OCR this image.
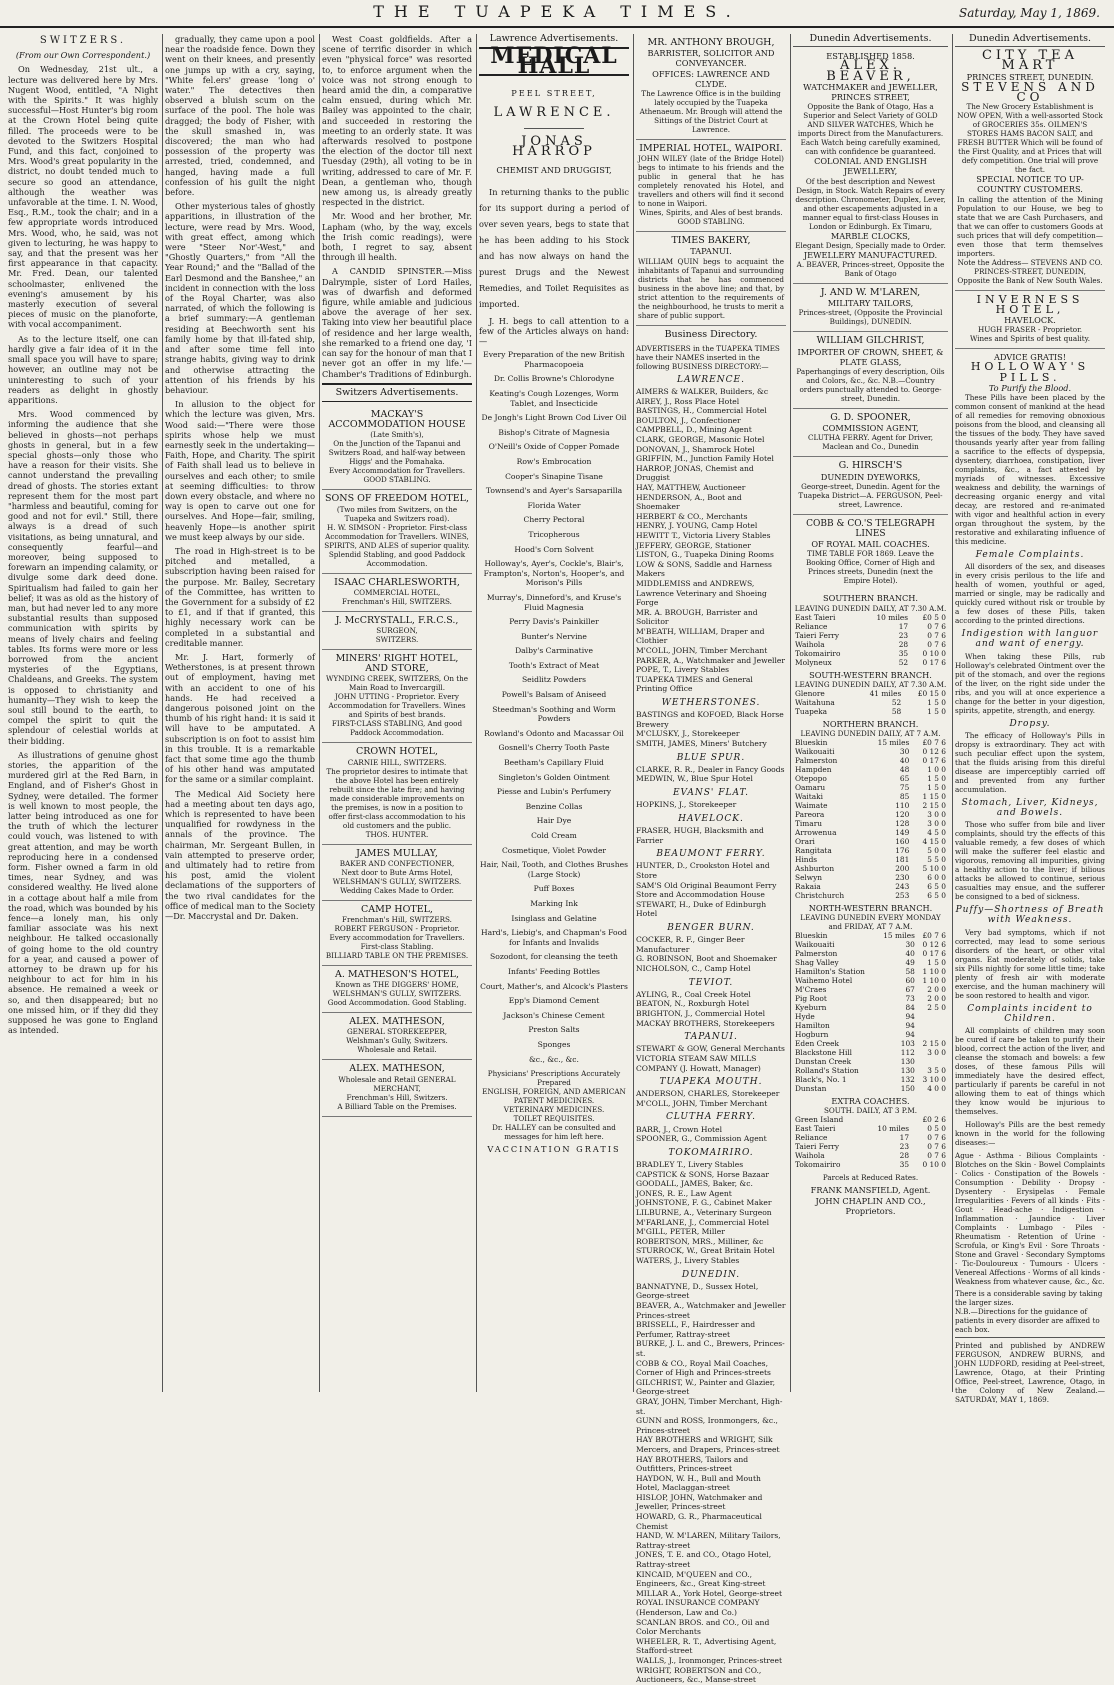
THE TUAPEKA TIMES.	Saturday, May 1, 1869.
SWITZERS.
(From our Own Correspondent.)

On Wednesday, 21st ult., a lecture was delivered here by Mrs. Nugent Wood, entitled, "A Night with the Spirits." It was highly successful—Host Hunter's big room at the Crown Hotel being quite filled. The proceeds were to be devoted to the Switzers Hospital Fund, and this fact, conjoined to Mrs. Wood's great popularity in the district, no doubt tended much to secure so good an attendance, although the weather was unfavorable at the time. I. N. Wood, Esq., R.M., took the chair; and in a few appropriate words introduced Mrs. Wood, who, he said, was not given to lecturing, he was happy to say, and that the present was her first appearance in that capacity. Mr. Fred. Dean, our talented schoolmaster, enlivened the evening's amusement by his masterly execution of several pieces of music on the pianoforte, with vocal accompaniment.

As to the lecture itself, one can hardly give a fair idea of it in the small space you will have to spare; however, an outline may not be uninteresting to such of your readers as delight in ghostly apparitions.

Mrs. Wood commenced by informing the audience that she believed in ghosts—not perhaps ghosts in general, but in a few special ghosts—only those who have a reason for their visits. She cannot understand the prevailing dread of ghosts. The stories extant represent them for the most part "harmless and beautiful, coming for good and not for evil." Still, there always is a dread of such visitations, as being unnatural, and consequently fearful—and moreover, being supposed to forewarn an impending calamity, or divulge some dark deed done. Spiritualism had failed to gain her belief; it was as old as the history of man, but had never led to any more substantial results than supposed communication with spirits by means of lively chairs and feeling tables. Its forms were more or less borrowed from the ancient mysteries of the Egyptians, Chaldeans, and Greeks. The system is opposed to christianity and humanity—They wish to keep the soul still bound to the earth, to compel the spirit to quit the splendour of celestial worlds at their bidding.

As illustrations of genuine ghost stories, the apparition of the murdered girl at the Red Barn, in England, and of Fisher's Ghost in Sydney, were detailed. The former is well known to most people, the latter being introduced as one for the truth of which the lecturer could vouch, was listened to with great attention, and may be worth reproducing here in a condensed form. Fisher owned a farm in old times, near Sydney, and was considered wealthy. He lived alone in a cottage about half a mile from the road, which was bounded by his fence—a lonely man, his only familiar associate was his next neighbour. He talked occasionally of going home to the old country for a year, and caused a power of attorney to be drawn up for his neighbour to act for him in his absence. He remained a week or so, and then disappeared; but no one missed him, or if they did they supposed he was gone to England as intended.

gradually, they came upon a pool near the roadside fence. Down they went on their knees, and presently one jumps up with a cry, saying, "White fel.ers' grease 'long o' water." The detectives then observed a bluish scum on the surface of the pool. The hole was dragged; the body of Fisher, with the skull smashed in, was discovered; the man who had possession of the property was arrested, tried, condemned, and hanged, having made a full confession of his guilt the night before.

Other mysterious tales of ghostly apparitions, in illustration of the lecture, were read by Mrs. Wood, with great effect, among which were "Steer Nor'-West," and "Ghostly Quarters," from "All the Year Round;" and the "Ballad of the Earl Desmond and the Banshee," an incident in connection with the loss of the Royal Charter, was also narrated, of which the following is a brief summary:—A gentleman residing at Beechworth sent his family home by that ill-fated ship, and after some time fell into strange habits, giving way to drink and otherwise attracting the attention of his friends by his behaviour.

In allusion to the object for which the lecture was given, Mrs. Wood said:—"There were those spirits whose help we must earnestly seek in the undertaking—Faith, Hope, and Charity. The spirit of Faith shall lead us to believe in ourselves and each other; to smile at seeming difficulties: to throw down every obstacle, and where no way is open to carve out one for ourselves. And Hope—fair, smiling, heavenly Hope—is another spirit we must keep always by our side.

The road in High-street is to be pitched and metalled, a subscription having been raised for the purpose. Mr. Bailey, Secretary of the Committee, has written to the Government for a subsidy of £2 to £1, and if that if granted, this highly necessary work can be completed in a substantial and creditable manner.

Mr. J. Hart, formerly of Wetherstones, is at present thrown out of employment, having met with an accident to one of his hands. He had received a dangerous poisoned joint on the thumb of his right hand: it is said it will have to be amputated. A subscription is on foot to assist him in this trouble. It is a remarkable fact that some time ago the thumb of his other hand was amputated for the same or a similar complaint.

The Medical Aid Society here had a meeting about ten days ago, which is represented to have been unqualified for rowdyness in the annals of the province. The chairman, Mr. Sergeant Bullen, in vain attempted to preserve order, and ultimately had to retire from his post, amid the violent declamations of the supporters of the two rival candidates for the office of medical man to the Society—Dr. Maccrystal and Dr. Daken.

West Coast goldfields. After a scene of terrific disorder in which even "physical force" was resorted to, to enforce argument when the voice was not strong enough to heard amid the din, a comparative calm ensued, during which Mr. Bailey was appointed to the chair, and succeeded in restoring the meeting to an orderly state. It was afterwards resolved to postpone the election of the doctor till next Tuesday (29th), all voting to be in writing, addressed to care of Mr. F. Dean, a gentleman who, though new among us, is already greatly respected in the district.

Mr. Wood and her brother, Mr. Lapham (who, by the way, excels the Irish comic readings), were both, I regret to say, absent through ill health.

A CANDID SPINSTER.—Miss Dalrymple, sister of Lord Hailes, was of dwarfish and deformed figure, while amiable and judicious above the average of her sex. Taking into view her beautiful place of residence and her large wealth, she remarked to a friend one day, 'I can say for the honour of man that I never got an offer in my life.'—Chamber's Traditions of Edinburgh.

Switzers Advertisements.
MACKAY'S ACCOMMODATION HOUSE
(Late Smith's),
On the Junction of the Tapanui and Switzers Road, and half-way between Higgs' and the Pomahaka.
Every Accommodation for Travellers. GOOD STABLING.
SONS OF FREEDOM HOTEL,
(Two miles from Switzers, on the Tuapeka and Switzers road).
H. W. SIMSON - Proprietor. First-class Accommodation for Travellers. WINES, SPIRITS, AND ALES of superior quality.
Splendid Stabling, and good Paddock Accommodation.
ISAAC CHARLESWORTH,
COMMERCIAL HOTEL,
Frenchman's Hill, SWITZERS.
J. McCRYSTALL, F.R.C.S.,
SURGEON,
SWITZERS.
MINERS' RIGHT HOTEL, AND STORE,
WYNDING CREEK, SWITZERS, On the Main Road to Invercargill.
JOHN UTTING - Proprietor. Every Accommodation for Travellers. Wines and Spirits of best brands.
FIRST-CLASS STABLING, And good Paddock Accommodation.
CROWN HOTEL,
CARNIE HILL, SWITZERS.
The proprietor desires to intimate that the above Hotel has been entirely rebuilt since the late fire; and having made considerable improvements on the premises, is now in a position to offer first-class accommodation to his old customers and the public.
THOS. HUNTER.
JAMES MULLAY,
BAKER AND CONFECTIONER,
Next door to Bute Arms Hotel, WELSHMAN'S GULLY, SWITZERS.
Wedding Cakes Made to Order.
CAMP HOTEL,
Frenchman's Hill, SWITZERS.
ROBERT FERGUSON - Proprietor. Every accommodation for Travellers. First-class Stabling.
BILLIARD TABLE ON THE PREMISES.
A. MATHESON'S HOTEL,
Known as THE DIGGERS' HOME,
WELSHMAN'S GULLY, SWITZERS.
Good Accommodation. Good Stabling.
ALEX. MATHESON,
GENERAL STOREKEEPER,
Welshman's Gully, Switzers.
Wholesale and Retail.
ALEX. MATHESON,
Wholesale and Retail GENERAL MERCHANT,
Frenchman's Hill, Switzers.
A Billiard Table on the Premises.
Lawrence Advertisements.
MEDICAL HALL
PEEL STREET,
LAWRENCE.
JONAS HARROP
CHEMIST AND DRUGGIST,

In returning thanks to the public for its support during a period of over seven years, begs to state that he has been adding to his Stock and has now always on hand the purest Drugs and the Newest Remedies, and Toilet Requisites as imported.

J. H. begs to call attention to a few of the Articles always on hand:—

Every Preparation of the new British Pharmacopoeia
Dr. Collis Browne's Chlorodyne
Keating's Cough Lozenges, Worm Tablet, and Insecticide
De Jongh's Light Brown Cod Liver Oil
Bishop's Citrate of Magnesia
O'Neill's Oxide of Copper Pomade
Row's Embrocation
Cooper's Sinapine Tisane
Townsend's and Ayer's Sarsaparilla
Florida Water
Cherry Pectoral
Tricopherous
Hood's Corn Solvent
Holloway's, Ayer's, Cockle's, Blair's, Frampton's, Norton's, Hooper's, and Morison's Pills
Murray's, Dinneford's, and Kruse's Fluid Magnesia
Perry Davis's Painkiller
Bunter's Nervine
Dalby's Carminative
Tooth's Extract of Meat
Seidlitz Powders
Powell's Balsam of Aniseed
Steedman's Soothing and Worm Powders
Rowland's Odonto and Macassar Oil
Gosnell's Cherry Tooth Paste
Beetham's Capillary Fluid
Singleton's Golden Ointment
Piesse and Lubin's Perfumery
Benzine Collas
Hair Dye
Cold Cream
Cosmetique, Violet Powder
Hair, Nail, Tooth, and Clothes Brushes (Large Stock)
Puff Boxes
Marking Ink
Isinglass and Gelatine
Hard's, Liebig's, and Chapman's Food for Infants and Invalids
Sozodont, for cleansing the teeth
Infants' Feeding Bottles
Court, Mather's, and Alcock's Plasters
Epp's Diamond Cement
Jackson's Chinese Cement
Preston Salts
Sponges
&c., &c., &c.
Physicians' Prescriptions Accurately Prepared
ENGLISH, FOREIGN, AND AMERICAN PATENT MEDICINES.
VETERINARY MEDICINES.
TOILET REQUISITES.
Dr. HALLEY can be consulted and messages for him left here.
VACCINATION GRATIS
MR. ANTHONY BROUGH,
BARRISTER, SOLICITOR AND CONVEYANCER.
OFFICES: LAWRENCE AND CLYDE.
The Lawrence Office is in the building lately occupied by the Tuapeka Athenaeum. Mr. Brough will attend the Sittings of the District Court at Lawrence.
IMPERIAL HOTEL, WAIPORI.
JOHN WILEY (late of the Bridge Hotel) begs to intimate to his friends and the public in general that he has completely renovated his Hotel, and travellers and others will find it second to none in Waipori.
Wines, Spirits, and Ales of best brands. GOOD STABLING.
TIMES BAKERY,
TAPANUI.
WILLIAM QUIN begs to acquaint the inhabitants of Tapanui and surrounding districts that he has commenced business in the above line; and that, by strict attention to the requirements of the neighbourhood, he trusts to merit a share of public support.
Business Directory.
ADVERTISERS in the TUAPEKA TIMES have their NAMES inserted in the following BUSINESS DIRECTORY:—
LAWRENCE.
AIMERS & WALKER, Builders, &c
AIREY, J., Ross Place Hotel
BASTINGS, H., Commercial Hotel
BOULTON, J., Confectioner
CAMPBELL, D., Mining Agent
CLARK, GEORGE, Masonic Hotel
DONOVAN, J., Shamrock Hotel
GRIFFIN, M., Junction Family Hotel
HARROP, JONAS, Chemist and Druggist
HAY, MATTHEW, Auctioneer
HENDERSON, A., Boot and Shoemaker
HERBERT & CO., Merchants
HENRY, J. YOUNG, Camp Hotel
HEWITT T., Victoria Livery Stables
JEFFERY, GEORGE, Stationer
LISTON, G., Tuapeka Dining Rooms
LOW & SONS, Saddle and Harness Makers
MIDDLEMISS and ANDREWS, Lawrence Veterinary and Shoeing Forge
MR. A. BROUGH, Barrister and Solicitor
M'BEATH, WILLIAM, Draper and Clothier
M'COLL, JOHN, Timber Merchant
PARKER, A., Watchmaker and Jeweller
POPE, T., Livery Stables
TUAPEKA TIMES and General Printing Office
WETHERSTONES.
BASTINGS and KOFOED, Black Horse Brewery
M'CLUSKY, J., Storekeeper
SMITH, JAMES, Miners' Butchery
BLUE SPUR.
CLARKE, R. R., Dealer in Fancy Goods
MEDWIN, W., Blue Spur Hotel
EVANS' FLAT.
HOPKINS, J., Storekeeper
HAVELOCK.
FRASER, HUGH, Blacksmith and Farrier
BEAUMONT FERRY.
HUNTER, D., Crookston Hotel and Store
SAM'S Old Original Beaumont Ferry Store and Accommodation House
STEWART, H., Duke of Edinburgh Hotel
BENGER BURN.
COCKER, R. F., Ginger Beer Manufacturer
G. ROBINSON, Boot and Shoemaker
NICHOLSON, C., Camp Hotel
TEVIOT.
AYLING, R., Coal Creek Hotel
BEATON, N., Roxburgh Hotel
BRIGHTON, J., Commercial Hotel
MACKAY BROTHERS, Storekeepers
TAPANUI.
STEWART & GOW, General Merchants
VICTORIA STEAM SAW MILLS COMPANY (J. Howatt, Manager)
TUAPEKA MOUTH.
ANDERSON, CHARLES, Storekeeper
M'COLL, JOHN, Timber Merchant
CLUTHA FERRY.
BARR, J., Crown Hotel
SPOONER, G., Commission Agent
TOKOMAIRIRO.
BRADLEY T., Livery Stables
CAPSTICK & SONS, Horse Bazaar
GOODALL, JAMES, Baker, &c.
JONES, R. E., Law Agent
JOHNSTONE, F. G., Cabinet Maker
LILBURNE, A., Veterinary Surgeon
M'FARLANE, J., Commercial Hotel
M'GILL, PETER, Miller
ROBERTSON, MRS., Milliner, &c
STURROCK, W., Great Britain Hotel
WATERS, J., Livery Stables
DUNEDIN.
BANNATYNE, D., Sussex Hotel, George-street
BEAVER, A., Watchmaker and Jeweller Princes-street
BRISSELL, F., Hairdresser and Perfumer, Rattray-street
BURKE, J. L. and C., Brewers, Princes-st.
COBB & CO., Royal Mail Coaches, Corner of High and Princes-streets
GILCHRIST, W., Painter and Glazier, George-street
GRAY, JOHN, Timber Merchant, High-st.
GUNN and ROSS, Ironmongers, &c., Princes-street
HAY BROTHERS and WRIGHT, Silk Mercers, and Drapers, Princes-street
HAY BROTHERS, Tailors and Outfitters, Princes-street
HAYDON, W. H., Bull and Mouth Hotel, Maclaggan-street
HISLOP, JOHN, Watchmaker and Jeweller, Princes-street
HOWARD, G. R., Pharmaceutical Chemist
HAND, W. M'LAREN, Military Tailors, Rattray-street
JONES, T. E. and CO., Otago Hotel, Rattray-street
KINCAID, M'QUEEN and CO., Engineers, &c., Great King-street
MILLAR A., York Hotel, George-street
ROYAL INSURANCE COMPANY (Henderson, Law and Co.)
SCANLAN BROS. and CO., Oil and Color Merchants
WHEELER, R. T., Advertising Agent, Stafford-street
WALLS, J., Ironmonger, Princes-street
WRIGHT, ROBERTSON and CO., Auctioneers, &c., Manse-street
Dunedin Advertisements.
ESTABLISHED 1858.
ALEX. BEAVER,
WATCHMAKER and JEWELLER, PRINCES STREET,
Opposite the Bank of Otago, Has a Superior and Select Variety of GOLD AND SILVER WATCHES, Which he imports Direct from the Manufacturers. Each Watch being carefully examined, can with confidence be guaranteed.
COLONIAL AND ENGLISH JEWELLERY,
Of the best description and Newest Design, in Stock. Watch Repairs of every description. Chronometer, Duplex, Lever, and other escapements adjusted in a manner equal to first-class Houses in London or Edinburgh. Ex Timaru,
MARBLE CLOCKS,
Elegant Design, Specially made to Order.
JEWELLERY MANUFACTURED.
A. BEAVER, Princes-street, Opposite the Bank of Otago
J. AND W. M'LAREN,
MILITARY TAILORS,
Princes-street, (Opposite the Provincial Buildings), DUNEDIN.
WILLIAM GILCHRIST,
IMPORTER OF CROWN, SHEET, & PLATE GLASS,
Paperhangings of every description, Oils and Colors, &c., &c. N.B.—Country orders punctually attended to. George-street, Dunedin.
G. D. SPOONER,
COMMISSION AGENT,
CLUTHA FERRY. Agent for Driver, Maclean and Co., Dunedin
G. HIRSCH'S
DUNEDIN DYEWORKS,
George-street, Dunedin. Agent for the Tuapeka District—A. FERGUSON, Peel-street, Lawrence.
COBB & CO.'S TELEGRAPH LINES
OF ROYAL MAIL COACHES.
TIME TABLE FOR 1869. Leave the Booking Office, Corner of High and Princes streets, Dunedin (next the Empire Hotel).
SOUTHERN BRANCH.
LEAVING DUNEDIN DAILY, AT 7.30 A.M.
East Taieri	10 miles	£0 5 0
Reliance	17	0 7 6
Taieri Ferry	23	0 7 6
Waihola	28	0 7 6
Tokomairiro	35	0 10 0
Molyneux	52	0 17 6
SOUTH-WESTERN BRANCH.
LEAVING DUNEDIN DAILY, AT 7.30 A.M.
Glenore	41 miles	£0 15 0
Waitahuna	52	1 5 0
Tuapeka	58	1 5 0
NORTHERN BRANCH.
LEAVING DUNEDIN DAILY, AT 7 A.M.
Blueskin	15 miles	£0 7 6
Waikouaiti	30	0 12 6
Palmerston	40	0 17 6
Hampden	48	1 0 0
Otepopo	65	1 5 0
Oamaru	75	1 5 0
Waitaki	85	1 15 0
Waimate	110	2 15 0
Pareora	120	3 0 0
Timaru	128	3 0 0
Arrowenua	149	4 5 0
Orari	160	4 15 0
Rangitata	176	5 0 0
Hinds	181	5 5 0
Ashburton	200	5 10 0
Selwyn	230	6 0 0
Rakaia	243	6 5 0
Christchurch	253	6 5 0
NORTH-WESTERN BRANCH.
LEAVING DUNEDIN EVERY MONDAY and FRIDAY, AT 7 A.M.
Blueskin	15 miles	£0 7 6
Waikouaiti	30	0 12 6
Palmerston	40	0 17 6
Shag Valley	49	1 5 0
Hamilton's Station	58	1 10 0
Waihemo Hotel	60	1 10 0
M'Craes	67	2 0 0
Pig Root	73	2 0 0
Kyeburn	84	2 5 0
Hyde	94	
Hamilton	94	
Hogburn	94	
Eden Creek	103	2 15 0
Blackstone Hill	112	3 0 0
Dunstan Creek	130	
Rolland's Station	130	3 5 0
Black's, No. 1	132	3 10 0
Dunstan	150	4 0 0
EXTRA COACHES.
SOUTH. DAILY, AT 3 P.M.
Green Island		£0 2 6
East Taieri	10 miles	0 5 0
Reliance	17	0 7 6
Taieri Ferry	23	0 7 6
Waihola	28	0 7 6
Tokomairiro	35	0 10 0
Parcels at Reduced Rates.
FRANK MANSFIELD, Agent.
JOHN CHAPLIN AND CO., Proprietors.
Dunedin Advertisements.
CITY TEA MART
PRINCES STREET, DUNEDIN.
STEVENS AND CO
The New Grocery Establishment is NOW OPEN, With a well-assorted Stock of GROCERIES 35s. OILMEN'S STORES HAMS BACON SALT, and FRESH BUTTER Which will be found of the First Quality, and at Prices that will defy competition. One trial will prove the fact.
SPECIAL NOTICE TO UP-COUNTRY CUSTOMERS.
In calling the attention of the Mining Population to our House, we beg to state that we are Cash Purchasers, and that we can offer to customers Goods at such prices that will defy competition—even those that term themselves importers.
Note the Address— STEVENS AND CO. PRINCES-STREET, DUNEDIN, Opposite the Bank of New South Wales.
INVERNESS HOTEL,
HAVELOCK.
HUGH FRASER - Proprietor.
Wines and Spirits of best quality.
ADVICE GRATIS!
HOLLOWAY'S PILLS.
To Purify the Blood.

These Pills have been placed by the common consent of mankind at the head of all remedies for removing obnoxious poisons from the blood, and cleansing all the tissues of the body. They have saved thousands yearly after year from falling a sacrifice to the effects of dyspepsia, dysentery, diarrhoea, constipation, liver complaints, &c., a fact attested by myriads of witnesses. Excessive weakness and debility, the warnings of decreasing organic energy and vital decay, are restored and re-animated with vigor and healthful action in every organ throughout the system, by the restorative and exhilarating influence of this medicine.

Female Complaints.

All disorders of the sex, and diseases in every crisis perilous to the life and health of women, youthful or aged, married or single, may be radically and quickly cured without risk or trouble by a few doses of these Pills, taken according to the printed directions.

Indigestion with languor and want of energy.

When taking these Pills, rub Holloway's celebrated Ointment over the pit of the stomach, and over the regions of the liver, on the right side under the ribs, and you will at once experience a change for the better in your digestion, spirits, appetite, strength, and energy.

Dropsy.

The efficacy of Holloway's Pills in dropsy is extraordinary. They act with such peculiar effect upon the system, that the fluids arising from this direful disease are imperceptibly carried off and prevented from any further accumulation.

Stomach, Liver, Kidneys, and Bowels.

Those who suffer from bile and liver complaints, should try the effects of this valuable remedy, a few doses of which will make the sufferer feel elastic and vigorous, removing all impurities, giving a healthy action to the liver; if bilious attacks be allowed to continue, serious casualties may ensue, and the sufferer be consigned to a bed of sickness.

Puffy—Shortness of Breath with Weakness.

Very bad symptoms, which if not corrected, may lead to some serious disorders of the heart, or other vital organs. Eat moderately of solids, take six Pills nightly for some little time; take plenty of fresh air with moderate exercise, and the human machinery will be soon restored to health and vigor.

Complaints incident to Children.

All complaints of children may soon be cured if care be taken to purify their blood, correct the action of the liver, and cleanse the stomach and bowels: a few doses, of these famous Pills will immediately have the desired effect, particularly if parents be careful in not allowing them to eat of things which they know would be injurious to themselves.

Holloway's Pills are the best remedy known in the world for the following diseases:—

Ague · Asthma · Bilious Complaints · Blotches on the Skin · Bowel Complaints · Colics · Constipation of the Bowels · Consumption · Debility · Dropsy · Dysentery · Erysipelas · Female Irregularities · Fevers of all kinds · Fits · Gout · Head-ache · Indigestion · Inflammation · Jaundice · Liver Complaints · Lumbago · Piles · Rheumatism · Retention of Urine · Scrofula, or King's Evil · Sore Throats · Stone and Gravel · Secondary Symptoms · Tic-Douloureux · Tumours · Ulcers · Venereal Affections · Worms of all kinds · Weakness from whatever cause, &c., &c.
There is a considerable saving by taking the larger sizes.
N.B.—Directions for the guidance of patients in every disorder are affixed to each box.
Printed and published by ANDREW FERGUSON, ANDREW BURNS, and JOHN LUDFORD, residing at Peel-street, Lawrence, Otago, at their Printing Office, Peel-street, Lawrence, Otago, in the Colony of New Zealand.—SATURDAY, MAY 1, 1869.
